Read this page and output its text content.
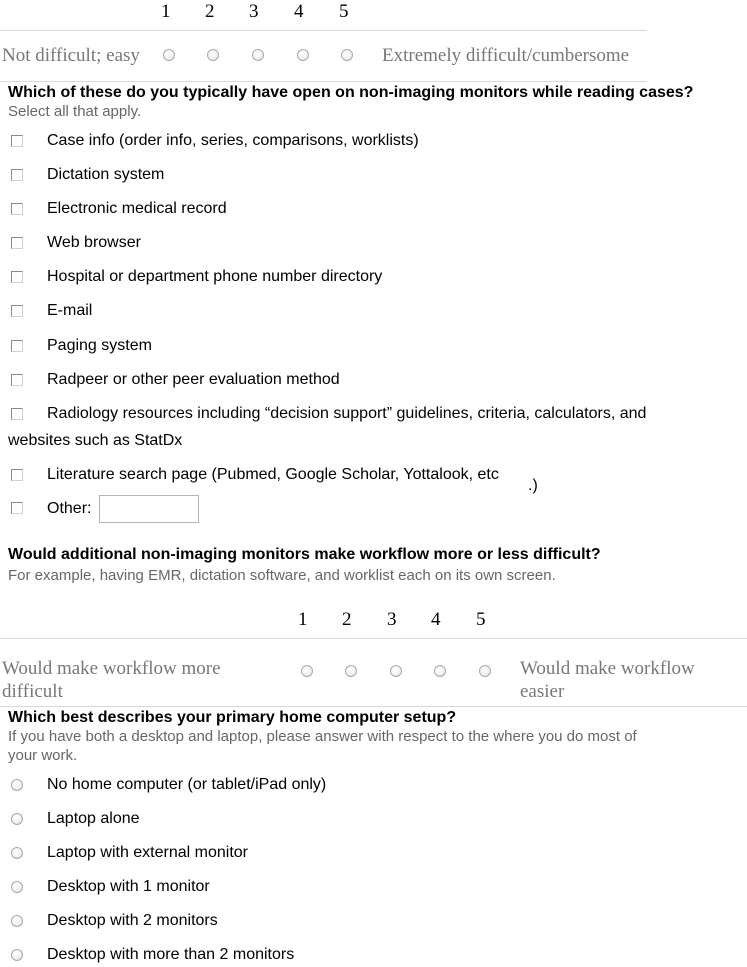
1 2 3 4 5
Not difficult; easy	Extremely difficult/cumbersome
Which of these do you typically have open on non-imaging monitors while reading cases?
Select all that apply.
Case info (order info, series, comparisons, worklists)
Dictation system
Electronic medical record
Web browser
Hospital or department phone number directory
E-mail
Paging system
Radpeer or other peer evaluation method
Radiology resources including “decision support” guidelines, criteria, calculators, and
websites such as StatDx
Literature search page (Pubmed, Google Scholar, Yottalook, etc
.)
Other:
Would additional non-imaging monitors make workflow more or less difficult?
For example, having EMR, dictation software, and worklist each on its own screen.
1 2 3 4 5
Would make workflow more
difficult
Would make workflow
easier
Which best describes your primary home computer setup?
If you have both a desktop and laptop, please answer with respect to the where you do most of
your work.
No home computer (or tablet/iPad only)
Laptop alone
Laptop with external monitor
Desktop with 1 monitor
Desktop with 2 monitors
Desktop with more than 2 monitors
